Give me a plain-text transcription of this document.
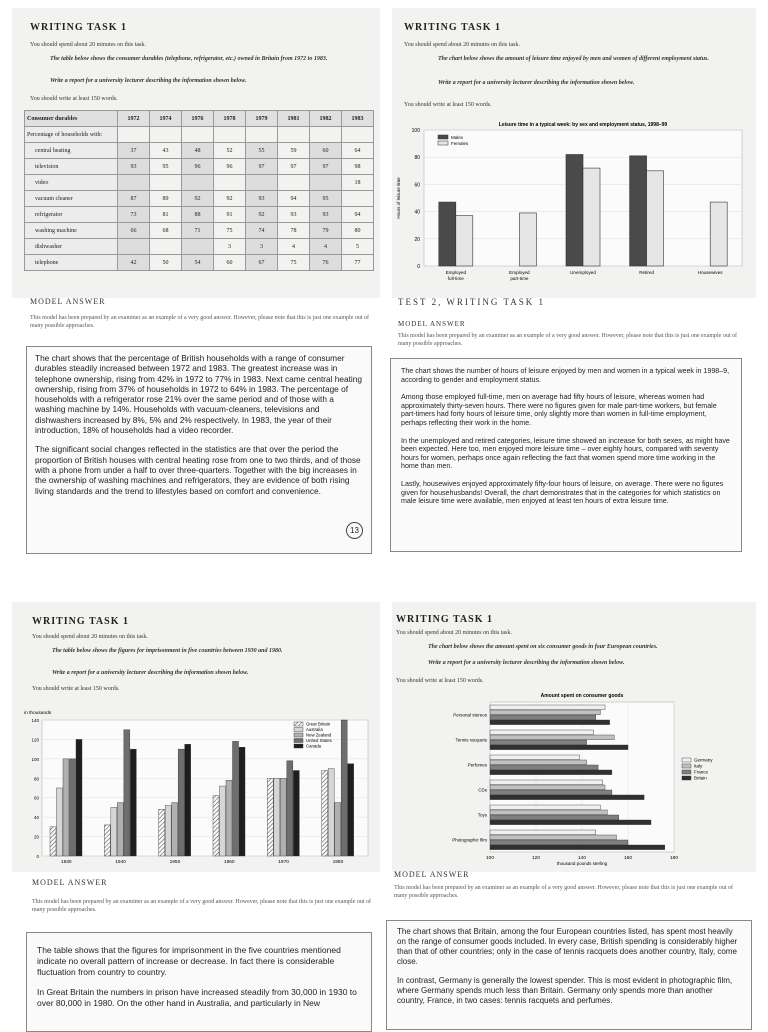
WRITING TASK 1
You should spend about 20 minutes on this task.
The table below shows the consumer durables (telephone, refrigerator, etc.) owned in Britain from 1972 to 1983.
Write a report for a university lecturer describing the information shown below.
You should write at least 150 words.
Consumer durables	1972	1974	1976	1978	1979	1981	1982	1983
Percentage of households with:								
central heating	37	43	48	52	55	59	60	64
television	93	95	96	96	97	97	97	98
video								18
vacuum cleaner	87	89	92	92	93	94	95	
refrigerator	73	81	88	91	92	93	93	94
washing machine	66	68	71	75	74	78	79	80
dishwasher				3	3	4	4	5
telephone	42	50	54	60	67	75	76	77
MODEL ANSWER
This model has been prepared by an examiner as an example of a very good answer. However, please note that this is just one example out of many possible approaches.

The chart shows that the percentage of British households with a range of consumer durables steadily increased between 1972 and 1983. The greatest increase was in telephone ownership, rising from 42% in 1972 to 77% in 1983. Next came central heating ownership, rising from 37% of households in 1972 to 64% in 1983. The percentage of households with a refrigerator rose 21% over the same period and of those with a washing machine by 14%. Households with vacuum-cleaners, televisions and dishwashers increased by 8%, 5% and 2% respectively. In 1983, the year of their introduction, 18% of households had a video recorder.

The significant social changes reflected in the statistics are that over the period the proportion of British houses with central heating rose from one to two thirds, and of those with a phone from under a half to over three-quarters. Together with the big increases in the ownership of washing machines and refrigerators, they are evidence of both rising living standards and the trend to lifestyles based on comfort and convenience.

13
WRITING TASK 1
You should spend about 20 minutes on this task.
The chart below shows the amount of leisure time enjoyed by men and women of different employment status.
Write a report for a university lecturer describing the information shown below.
You should write at least 150 words.
Leisure time in a typical week: by sex and employment status, 1998–99
0
20
40
60
80
100
Hours of leisure time
Employed
full-time
Employed
part-time
Unemployed	Retired	Housewives
Males
Females
TEST 2, WRITING TASK 1
MODEL ANSWER
This model has been prepared by an examiner as an example of a very good answer. However, please note that this is just one example out of many possible approaches.

The chart shows the number of hours of leisure enjoyed by men and women in a typical week in 1998–9, according to gender and employment status.

Among those employed full-time, men on average had fifty hours of leisure, whereas women had approximately thirty-seven hours. There were no figures given for male part-time workers, but female part-timers had forty hours of leisure time, only slightly more than women in full-time employment, perhaps reflecting their work in the home.

In the unemployed and retired categories, leisure time showed an increase for both sexes, as might have been expected. Here too, men enjoyed more leisure time – over eighty hours, compared with seventy hours for women, perhaps once again reflecting the fact that women spend more time working in the home than men.

Lastly, housewives enjoyed approximately fifty-four hours of leisure, on average. There were no figures given for househusbands! Overall, the chart demonstrates that in the categories for which statistics on male leisure time were available, men enjoyed at least ten hours of extra leisure time.

WRITING TASK 1
You should spend about 20 minutes on this task.
The table below shows the figures for imprisonment in five countries between 1930 and 1980.
Write a report for a university lecturer describing the information shown below.
You should write at least 150 words.
in thousands
0
20
40
60
80
100
120
140
1930	1940	1950	1960	1970	1980
Great Britain
Australia
New Zealand
United States
Canada
MODEL ANSWER
This model has been prepared by an examiner as an example of a very good answer. However, please note that this is just one example out of many possible approaches.

The table shows that the figures for imprisonment in the five countries mentioned indicate no overall pattern of increase or decrease. In fact there is considerable fluctuation from country to country.

In Great Britain the numbers in prison have increased steadily from 30,000 in 1930 to over 80,000 in 1980. On the other hand in Australia, and particularly in New

WRITING TASK 1
You should spend about 20 minutes on this task.
The chart below shows the amount spent on six consumer goods in four European countries.
Write a report for a university lecturer describing the information shown below.
You should write at least 150 words.
Amount spent on consumer goods
100	120	140	160	180
thousand pounds sterling
Personal stereos
Tennis racquets
Perfumes
CDs
Toys
Photographic film
Germany
Italy
France
Britain
MODEL ANSWER
This model has been prepared by an examiner as an example of a very good answer. However, please note that this is just one example out of many possible approaches.

The chart shows that Britain, among the four European countries listed, has spent most heavily on the range of consumer goods included. In every case, British spending is considerably higher than that of other countries; only in the case of tennis racquets does another country, Italy, come close.

In contrast, Germany is generally the lowest spender. This is most evident in photographic film, where Germany spends much less than Britain. Germany only spends more than another country, France, in two cases: tennis racquets and perfumes.
